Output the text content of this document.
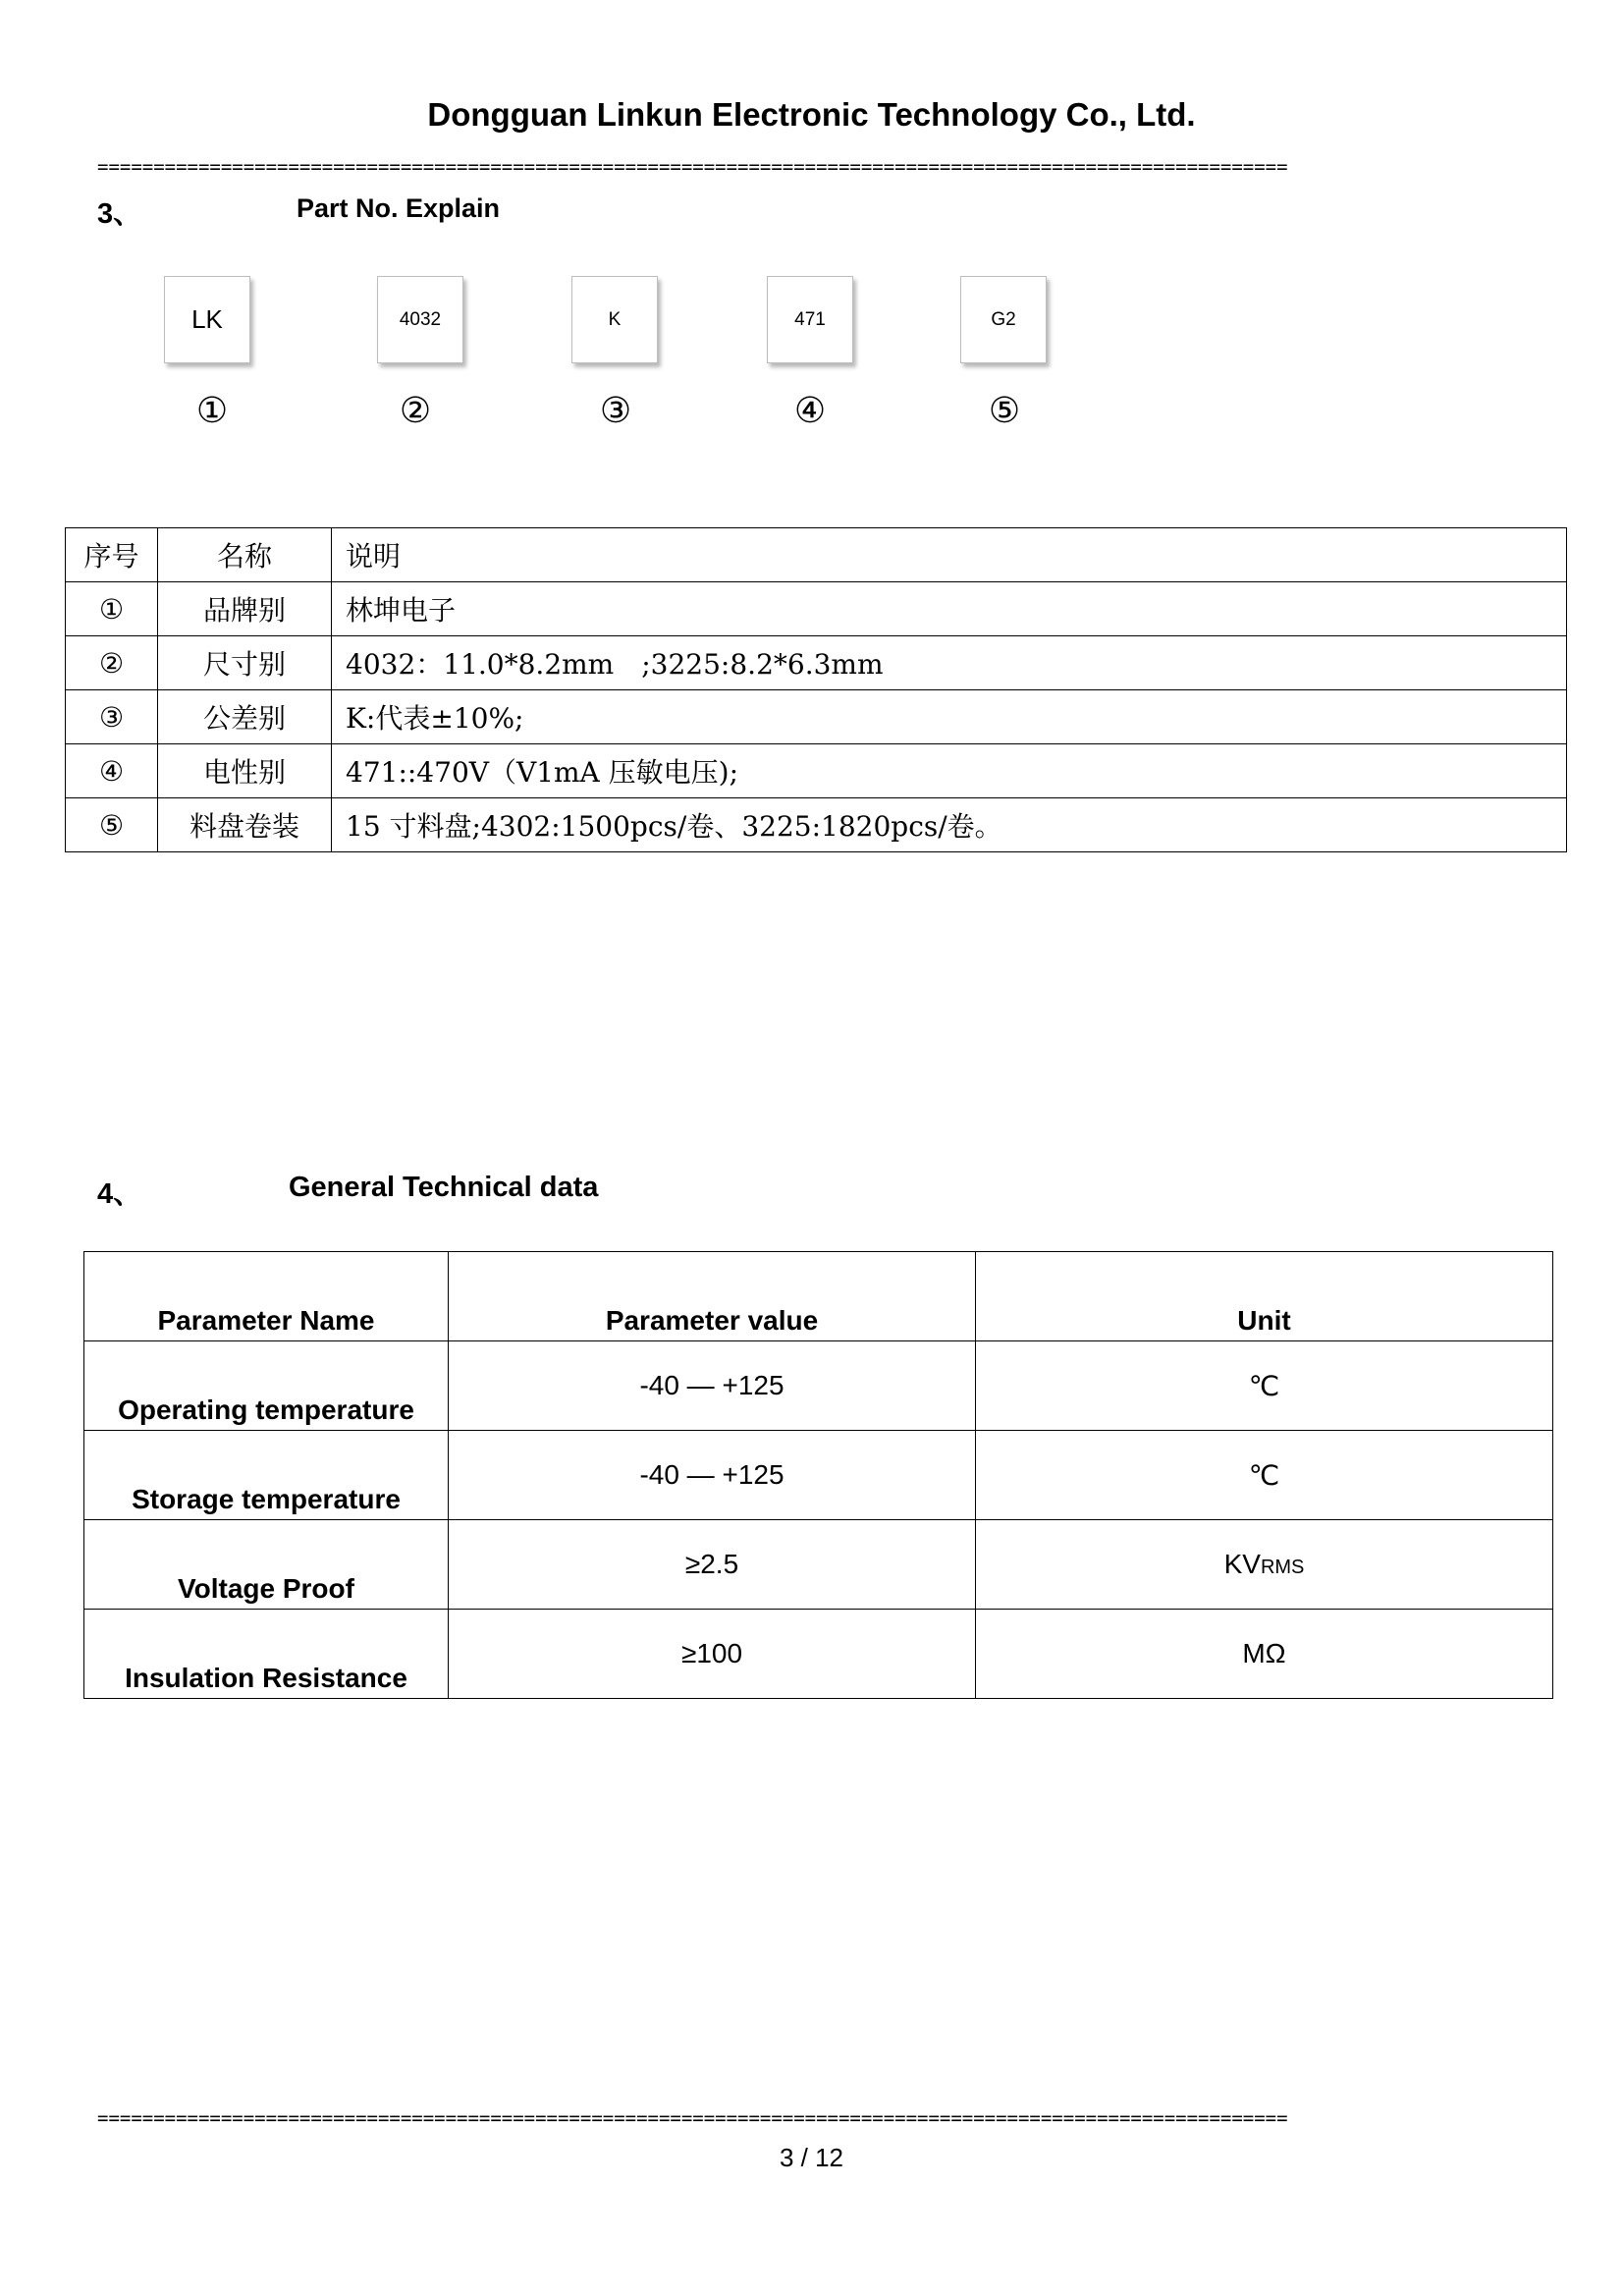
Dongguan Linkun Electronic Technology Co., Ltd.
==========================================================================================================
3、	Part No. Explain
LK	4032	K	471	G2
①	②	③	④	⑤
序号	名称	说明
①	品牌别	林坤电子
②	尺寸别	4032：11.0*8.2mm　;3225:8.2*6.3mm
③	公差别	K:代表±10%;
④	电性别	471::470V（V1mA 压敏电压);
⑤	料盘卷装	15 寸料盘;4302:1500pcs/卷、3225:1820pcs/卷。
4、	General Technical data
Parameter Name	Parameter value	Unit
Operating temperature	-40 — +125	℃
Storage temperature	-40 — +125	℃
Voltage Proof	≥2.5	KVRMS
Insulation Resistance	≥100	MΩ
==========================================================================================================
3 / 12
